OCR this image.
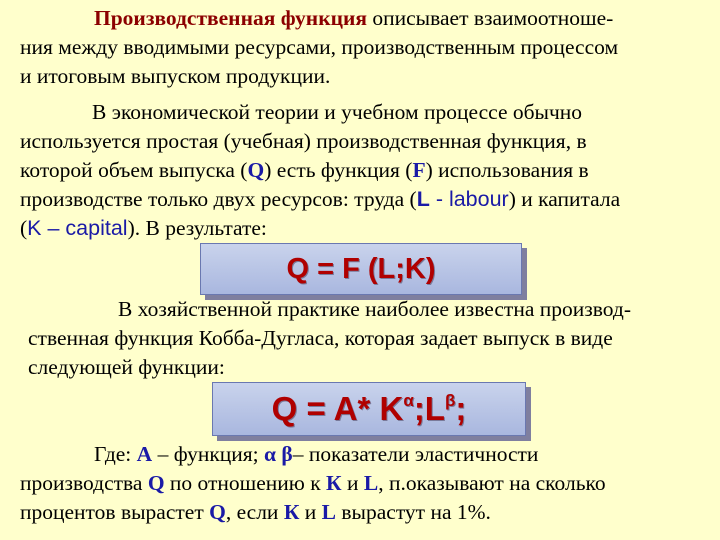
Производственная функция описывает взаимоотноше-
ния между вводимыми ресурсами, производственным процессом
и итоговым выпуском продукции.

В экономической теории и учебном процессе обычно
используется простая (учебная) производственная функция, в
которой объем выпуска (Q) есть функция (F) использования в
производстве только двух ресурсов: труда (L - labour) и капитала
(K – capital). В результате:

Q = F (L;K)

В хозяйственной практике наиболее известна производ-
ственная функция Кобба-Дугласа, которая задает выпуск в виде
следующей функции:

Q = A* $K^\alpha;L^\beta$;

Где: А – функция; α β– показатели эластичности
производства Q по отношению к К и L, п.оказывают на сколько
процентов вырастет Q, если К и L вырастут на 1%.
